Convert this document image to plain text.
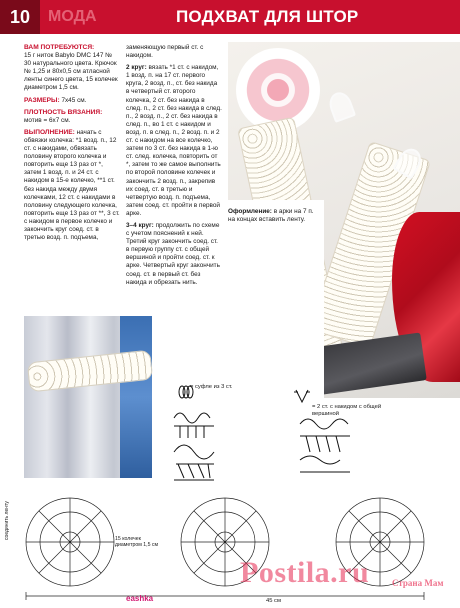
10	МОДА	ПОДХВАТ ДЛЯ ШТОР

ВАМ ПОТРЕБУЮТСЯ:
15 г ниток Babylo DMC 147 № 30 натурального цвета. Крючок № 1,25 и 80х0,5 см атласной ленты синего цвета, 15 колечек диаметром 1,5 см.

РАЗМЕРЫ: 7х45 см.

ПЛОТНОСТЬ ВЯЗАНИЯ:
мотив = 6х7 см.

ВЫПОЛНЕНИЕ: начать с обвязки колечка: *1 возд. п., 12 ст. с накидами, обвязать половину второго колечка и повторить еще 13 раз от *, затем 1 возд. п. и 24 ст. с накидом в 15-е колечко, **1 ст. без накида между двумя колечками, 12 ст. с накидами в половину следующего колечка, повторить еще 13 раз от **, 3 ст. с накидом в первое колечко и закончить круг соед. ст. в третью возд. п. подъема,

заменяющую первый ст. с накидом.

2 круг: вязать *1 ст. с накидом, 1 возд. п. на 17 ст. первого круга, 2 возд. п., ст. без накида в четвертый ст. второго колечка, 2 ст. без накида в след. п., 2 ст. без накида в след. п., 2 возд. п., 2 ст. без накида в след. п., во 1 ст. с накидом и возд. п. в след. п., 2 возд. п. и 2 ст. с накидом на все колечко, затем по 3 ст. без накида в 1-ю ст. след. колечка, повторить от *, затем то же самое выполнить по второй половине колечек и закончить 2 возд. п., закрепив их соед. ст. в третью и четвертую возд. п. подъема, затем соед. ст. пройти в первой арке.

3–4 круг: продолжить по схеме с учетом пояснений к ней. Третий круг закончить соед. ст. в первую группу ст. с общей вершиной и пройти соед. ст. к арке. Четвертый круг закончить соед. ст. в первый ст. без накида и обрезать нить.

Оформление: в арки на 7 п. на концах вставить ленту.

= суфле из 3 ст.
= 2 ст. с накидом с общей вершиной
15 колечек диаметром 1,5 см
45 см
соединить ленту
eashka
Postila.ru	Страна Мам
